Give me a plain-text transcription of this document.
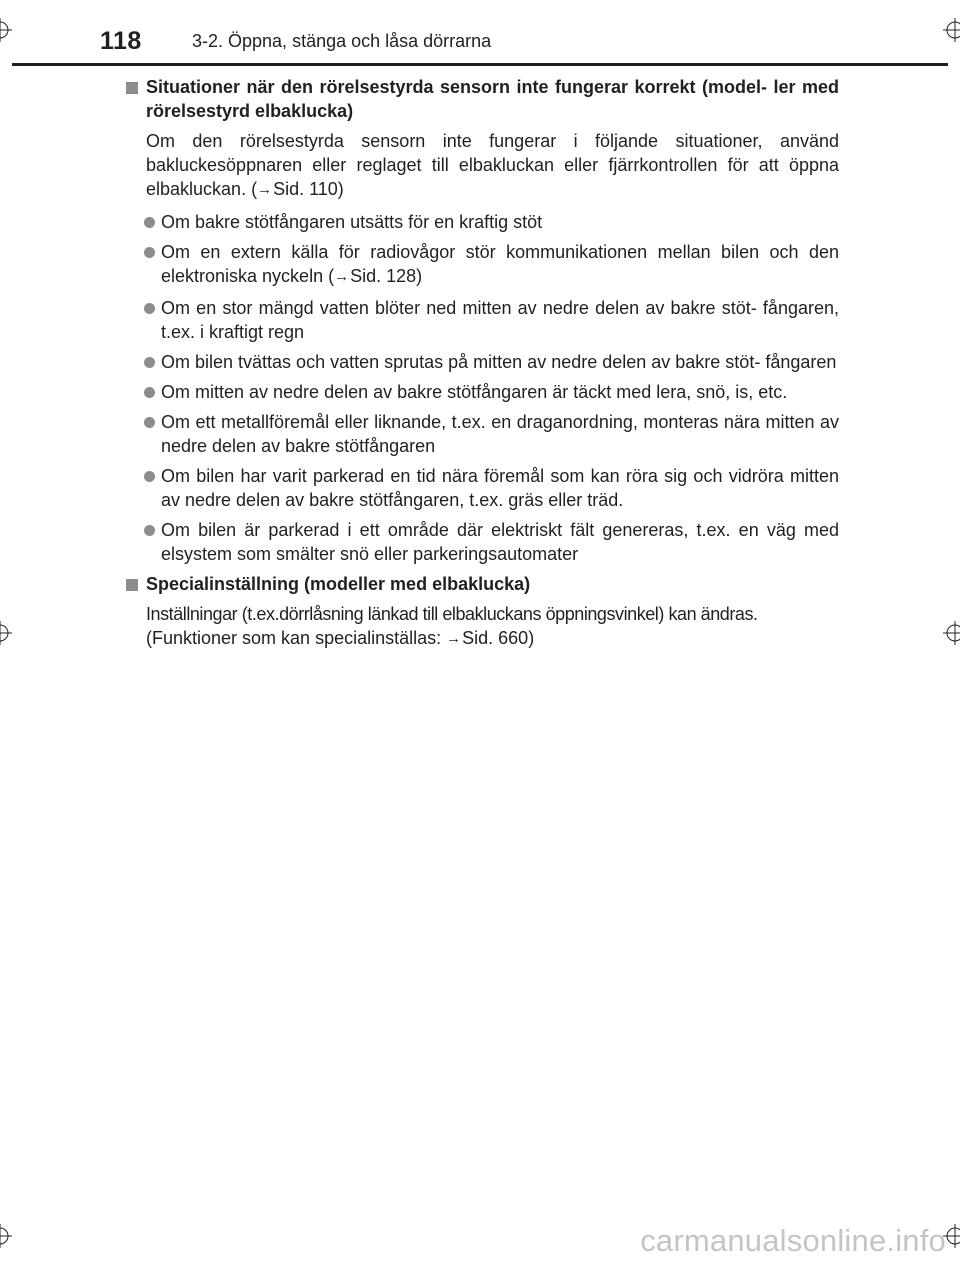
118	3-2. Öppna, stänga och låsa dörrarna
Situationer när den rörelsestyrda sensorn inte fungerar korrekt (model- ler med rörelsestyrd elbaklucka)
Om den rörelsestyrda sensorn inte fungerar i följande situationer, använd bakluckesöppnaren eller reglaget till elbakluckan eller fjärrkontrollen för att öppna elbakluckan. (→Sid. 110)
Om bakre stötfångaren utsätts för en kraftig stöt
Om en extern källa för radiovågor stör kommunikationen mellan bilen och den elektroniska nyckeln (→Sid. 128)
Om en stor mängd vatten blöter ned mitten av nedre delen av bakre stöt- fångaren, t.ex. i kraftigt regn
Om bilen tvättas och vatten sprutas på mitten av nedre delen av bakre stöt- fångaren
Om mitten av nedre delen av bakre stötfångaren är täckt med lera, snö, is, etc.
Om ett metallföremål eller liknande, t.ex. en draganordning, monteras nära mitten av nedre delen av bakre stötfångaren
Om bilen har varit parkerad en tid nära föremål som kan röra sig och vidröra mitten av nedre delen av bakre stötfångaren, t.ex. gräs eller träd.
Om bilen är parkerad i ett område där elektriskt fält genereras, t.ex. en väg med elsystem som smälter snö eller parkeringsautomater
Specialinställning (modeller med elbaklucka)
Inställningar (t.ex.dörrlåsning länkad till elbakluckans öppningsvinkel) kan ändras.
(Funktioner som kan specialinställas: →Sid. 660)
carmanualsonline.info
